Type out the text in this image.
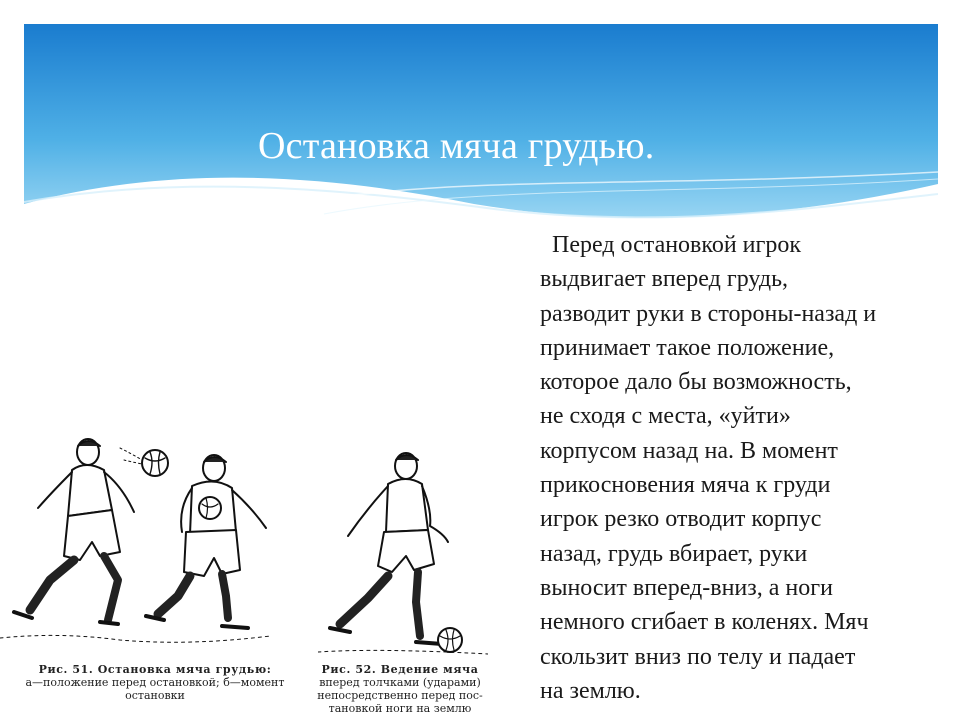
Остановка мяча грудью.
Перед остановкой игрок
выдвигает вперед грудь,
разводит руки в стороны-назад и
принимает такое положение,
которое дало бы возможность,
не сходя с места, «уйти»
корпусом назад на. В момент
прикосновения мяча к груди
игрок резко отводит корпус
назад, грудь вбирает, руки
выносит вперед-вниз, а ноги
немного сгибает в коленях. Мяч
скользит вниз по телу и падает
на землю.
Рис. 51. Остановка мяча грудью:
а—положение перед остановкой; б—момент
остановки
Рис. 52. Ведение мяча
вперед толчками (ударами)
непосредственно перед пос-
тановкой ноги на землю
